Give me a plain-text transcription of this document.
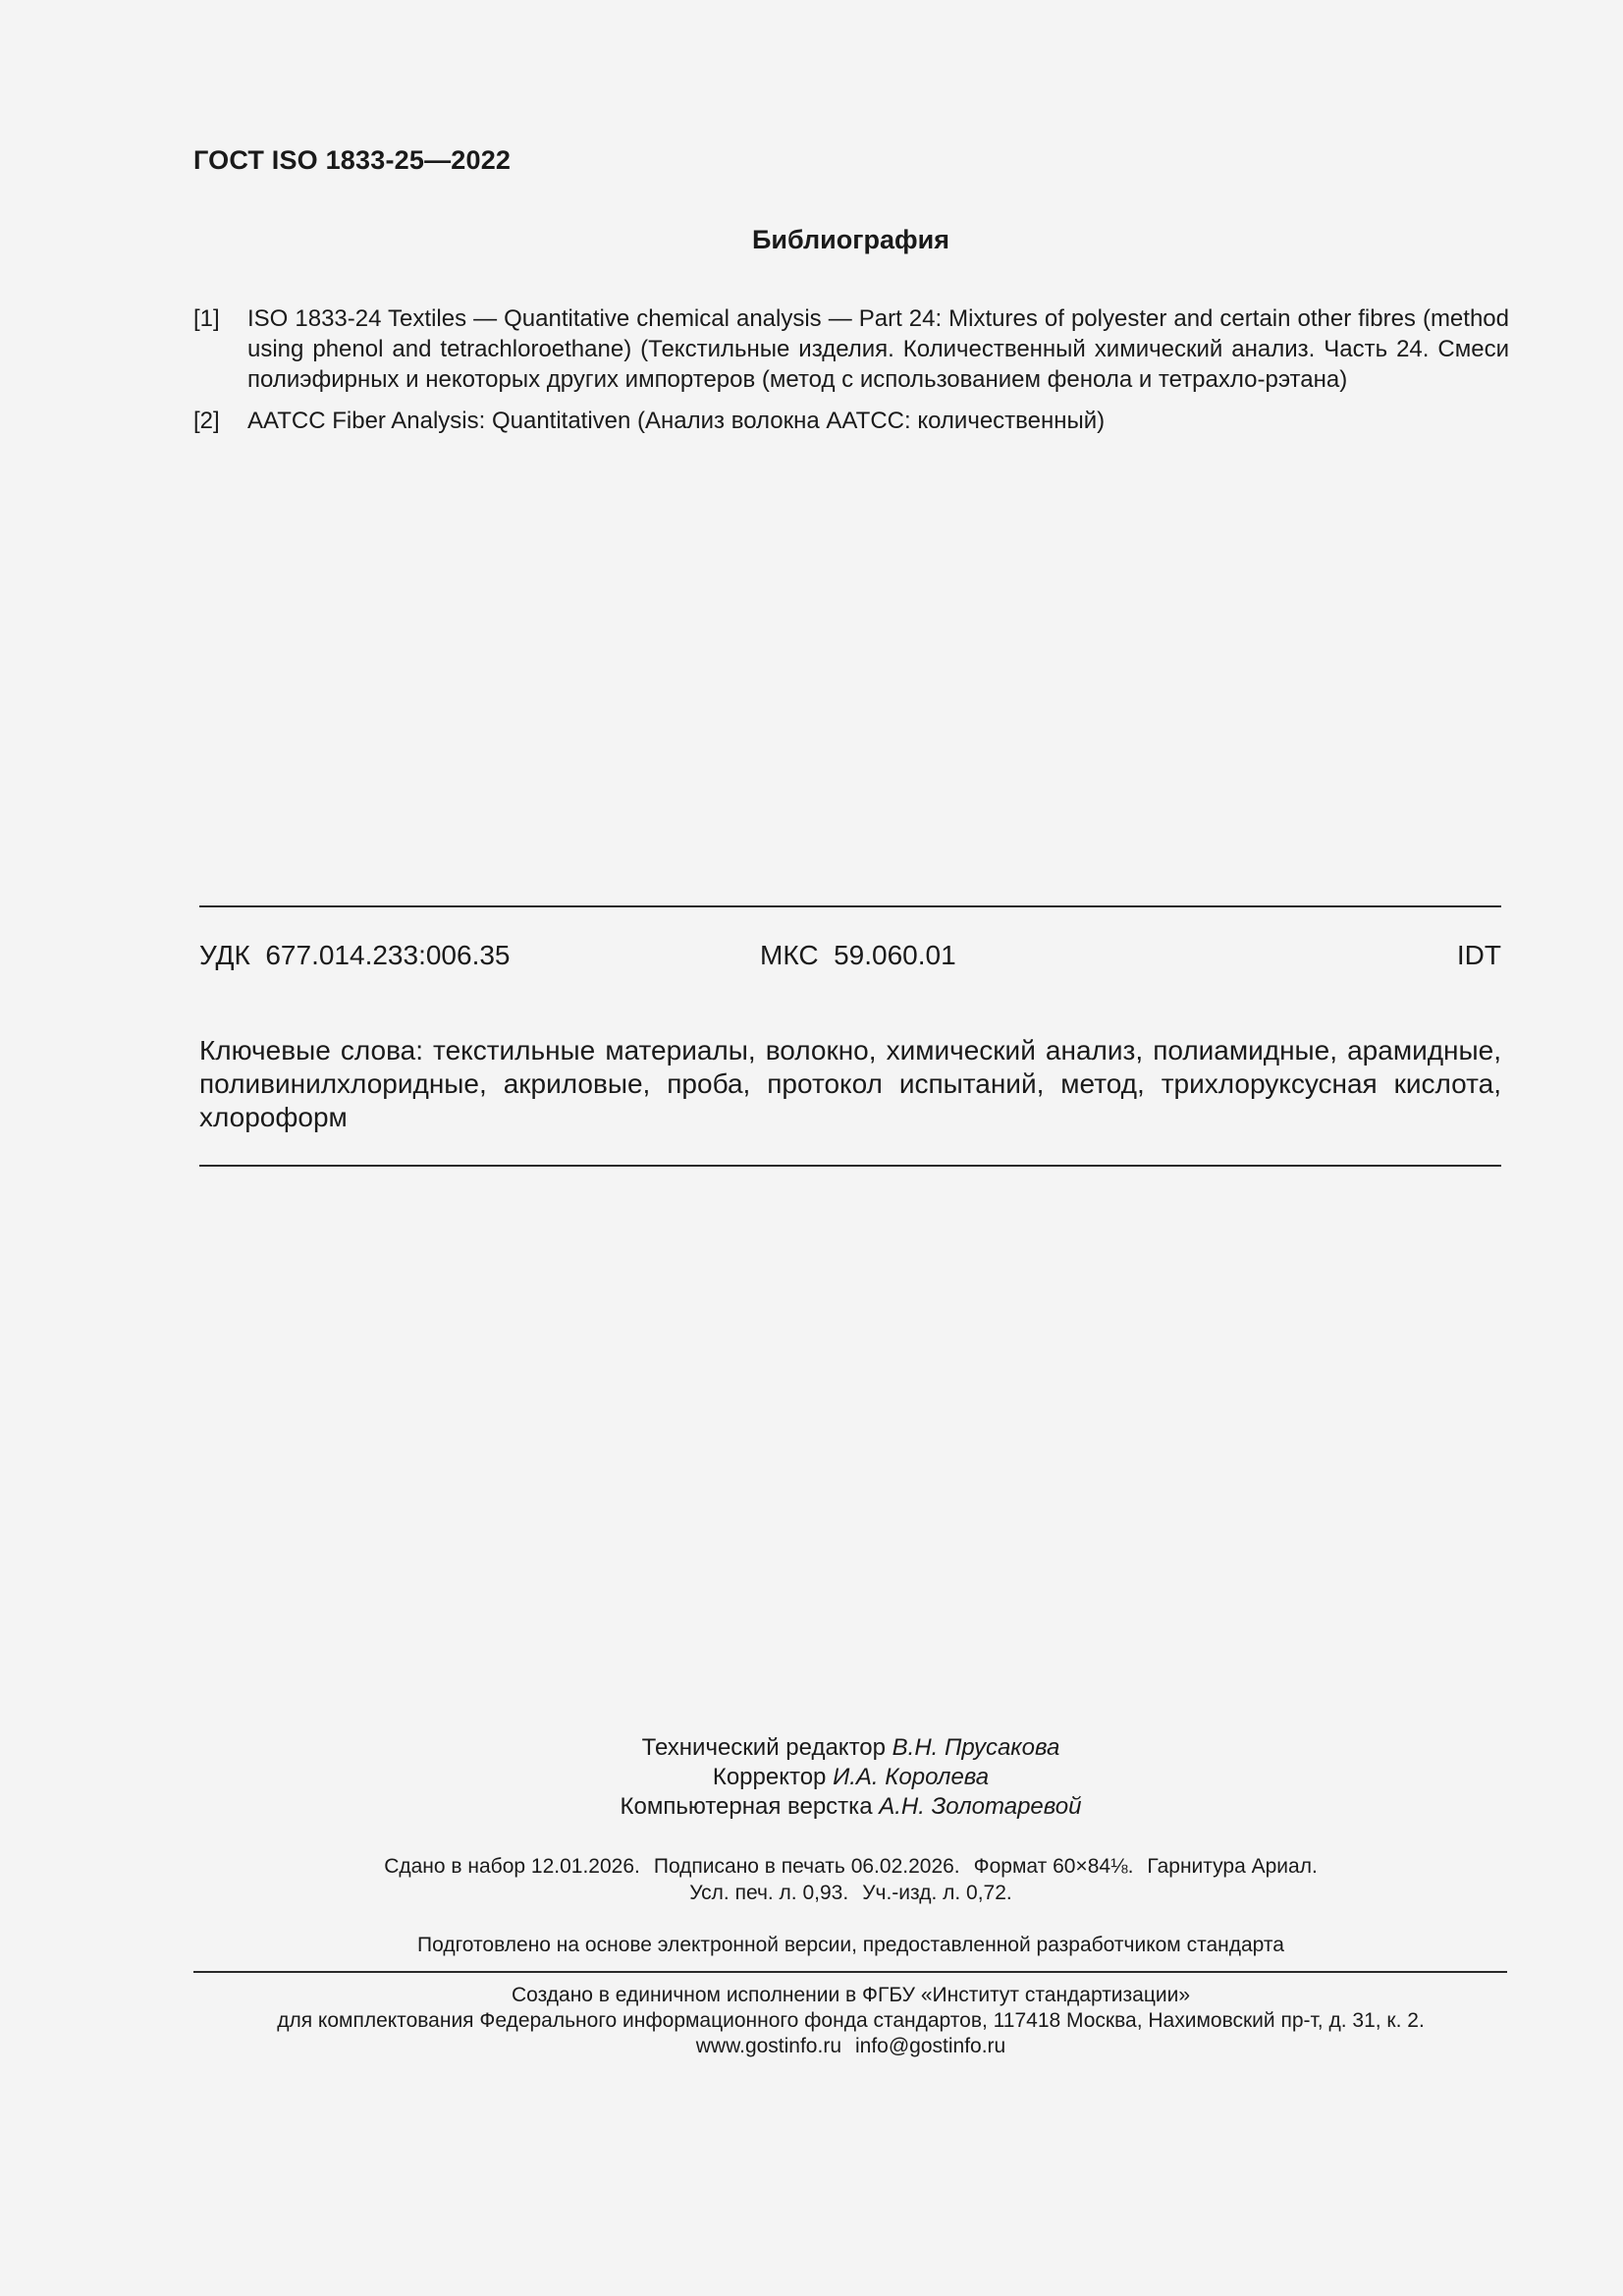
ГОСТ ISO 1833-25—2022
Библиография
[1] ISO 1833-24 Textiles — Quantitative chemical analysis — Part 24: Mixtures of polyester and certain other fibres (method using phenol and tetrachloroethane) (Текстильные изделия. Количественный химический анализ. Часть 24. Смеси полиэфирных и некоторых других импортеров (метод с использованием фенола и тетрахло-рэтана)
[2] AATCC Fiber Analysis: Quantitativen (Анализ волокна AATCC: количественный)
УДК  677.014.233:006.35	МКС  59.060.01	IDT
Ключевые слова: текстильные материалы, волокно, химический анализ, полиамидные, арамидные, поливинилхлоридные, акриловые, проба, протокол испытаний, метод, трихлоруксусная кислота, хлороформ
Технический редактор В.Н. Прусакова
Корректор И.А. Королева
Компьютерная верстка А.Н. Золотаревой
Сдано в набор 12.01.2026. Подписано в печать 06.02.2026. Формат 60×84⅛. Гарнитура Ариал.
Усл. печ. л. 0,93. Уч.-изд. л. 0,72.
Подготовлено на основе электронной версии, предоставленной разработчиком стандарта
Создано в единичном исполнении в ФГБУ «Институт стандартизации»
для комплектования Федерального информационного фонда стандартов, 117418 Москва, Нахимовский пр-т, д. 31, к. 2.
www.gostinfo.ru info@gostinfo.ru
